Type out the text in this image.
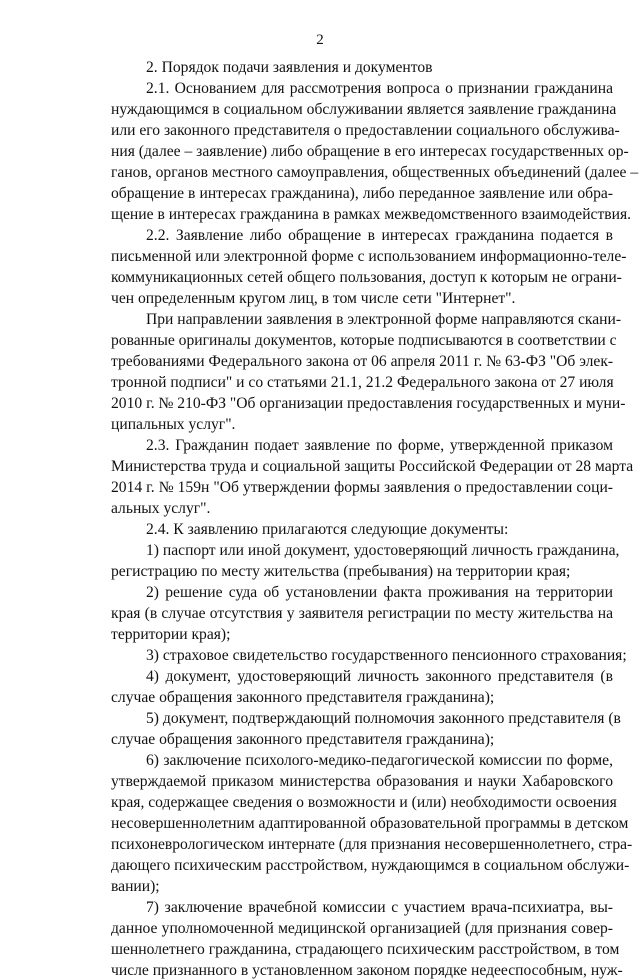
2
2. Порядок подачи заявления и документов
2.1. Основанием для рассмотрения вопроса о признании гражданина
нуждающимся в социальном обслуживании является заявление гражданина
или его законного представителя о предоставлении социального обслужива-
ния (далее – заявление) либо обращение в его интересах государственных ор-
ганов, органов местного самоуправления, общественных объединений (далее –
обращение в интересах гражданина), либо переданное заявление или обра-
щение в интересах гражданина в рамках межведомственного взаимодействия.
2.2. Заявление либо обращение в интересах гражданина подается в
письменной или электронной форме с использованием информационно-теле-
коммуникационных сетей общего пользования, доступ к которым не ограни-
чен определенным кругом лиц, в том числе сети "Интернет".
При направлении заявления в электронной форме направляются скани-
рованные оригиналы документов, которые подписываются в соответствии с
требованиями Федерального закона от 06 апреля 2011 г. № 63-ФЗ "Об элек-
тронной подписи" и со статьями 21.1, 21.2 Федерального закона от 27 июля
2010 г. № 210-ФЗ "Об организации предоставления государственных и муни-
ципальных услуг".
2.3. Гражданин подает заявление по форме, утвержденной приказом
Министерства труда и социальной защиты Российской Федерации от 28 марта
2014 г. № 159н "Об утверждении формы заявления о предоставлении соци-
альных услуг".
2.4. К заявлению прилагаются следующие документы:
1) паспорт или иной документ, удостоверяющий личность гражданина,
регистрацию по месту жительства (пребывания) на территории края;
2) решение суда об установлении факта проживания на территории
края (в случае отсутствия у заявителя регистрации по месту жительства на
территории края);
3) страховое свидетельство государственного пенсионного страхования;
4) документ, удостоверяющий личность законного представителя (в
случае обращения законного представителя гражданина);
5) документ, подтверждающий полномочия законного представителя (в
случае обращения законного представителя гражданина);
6) заключение психолого-медико-педагогической комиссии по форме,
утверждаемой приказом министерства образования и науки Хабаровского
края, содержащее сведения о возможности и (или) необходимости освоения
несовершеннолетним адаптированной образовательной программы в детском
психоневрологическом интернате (для признания несовершеннолетнего, стра-
дающего психическим расстройством, нуждающимся в социальном обслужи-
вании);
7) заключение врачебной комиссии с участием врача-психиатра, вы-
данное уполномоченной медицинской организацией (для признания совер-
шеннолетнего гражданина, страдающего психическим расстройством, в том
числе признанного в установленном законом порядке недееспособным, нуж-
